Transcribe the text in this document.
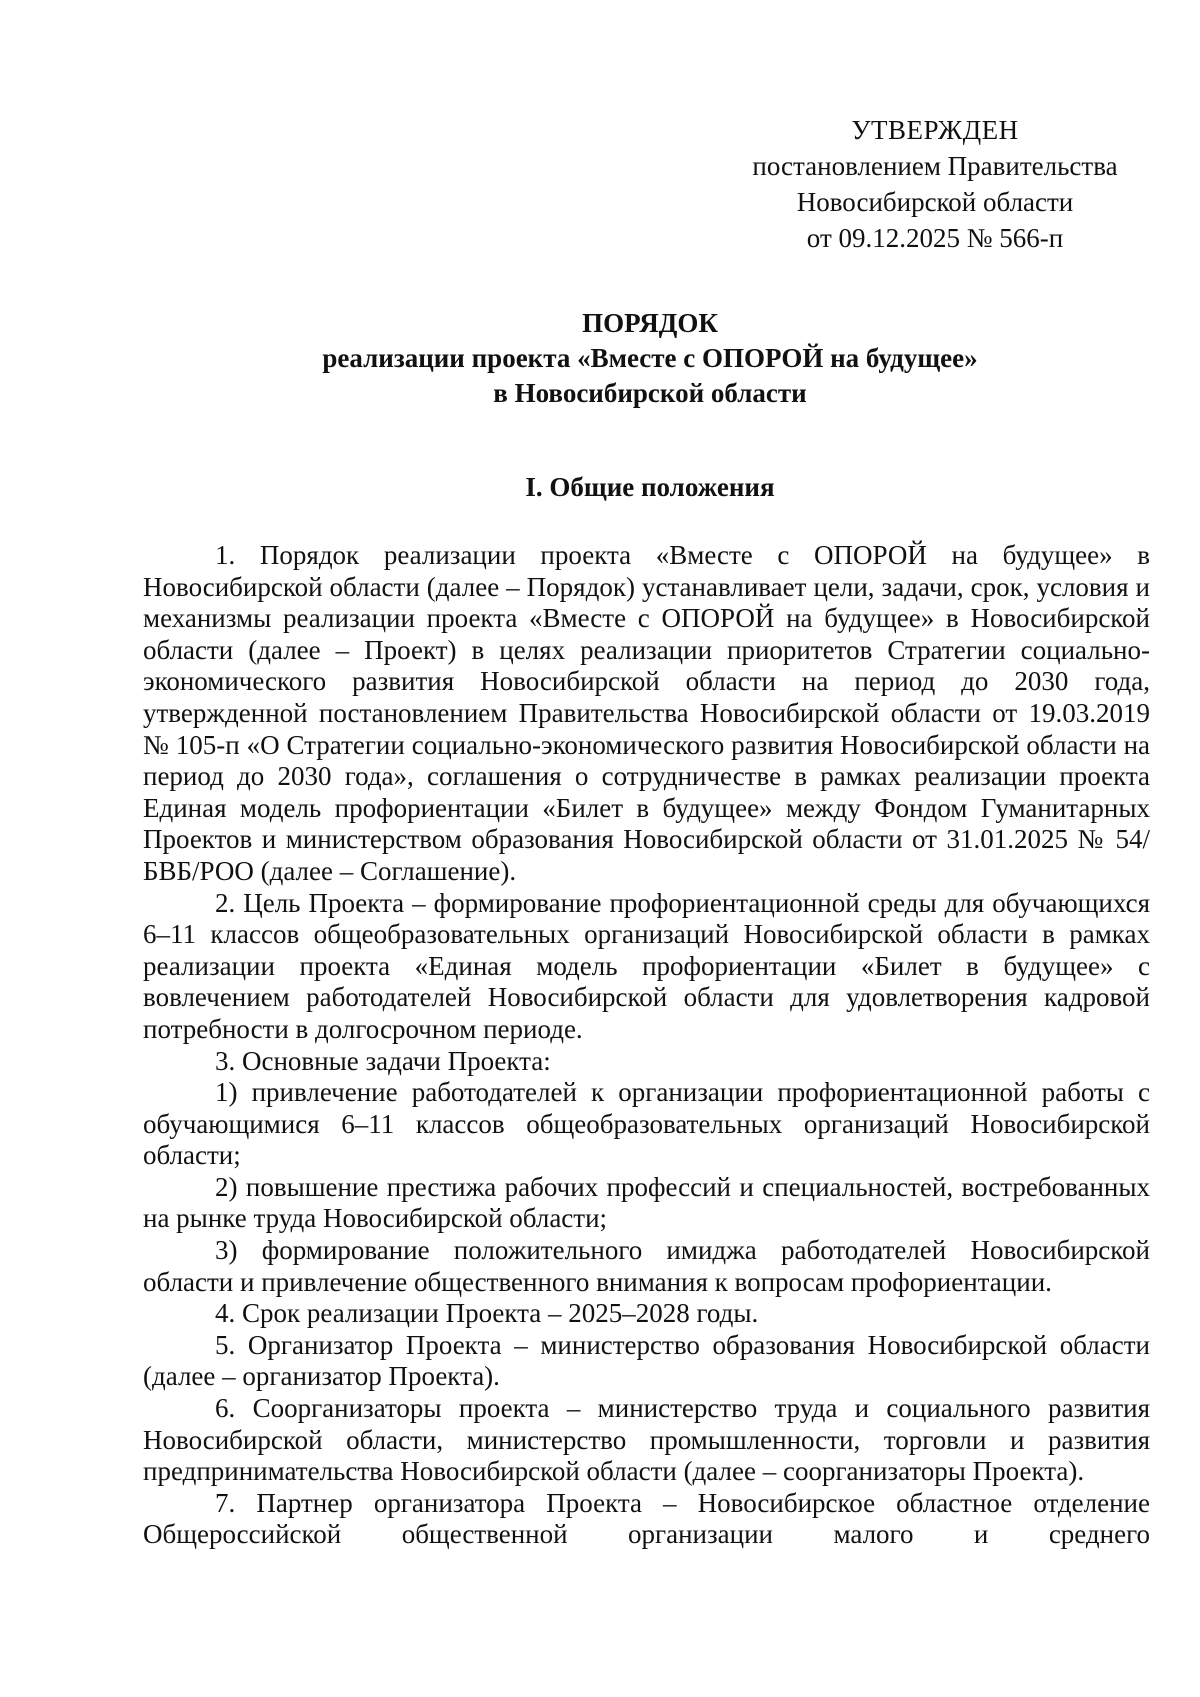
УТВЕРЖДЕН
постановлением Правительства
Новосибирской области
от 09.12.2025 № 566-п
ПОРЯДОК
реализации проекта «Вместе с ОПОРОЙ на будущее»
в Новосибирской области
I. Общие положения

1. Порядок реализации проекта «Вместе с ОПОРОЙ на будущее» в Новосибирской области (далее – Порядок) устанавливает цели, задачи, срок, условия и механизмы реализации проекта «Вместе с ОПОРОЙ на будущее» в Новосибирской области (далее – Проект) в целях реализации приоритетов Стратегии социально-экономического развития Новосибирской области на период до 2030 года, утвержденной постановлением Правительства Новосибирской области от 19.03.2019 № 105-п «О Стратегии социально-экономического развития Новосибирской области на период до 2030 года», соглашения о сотрудничестве в рамках реализации проекта Единая модель профориентации «Билет в будущее» между Фондом Гуманитарных Проектов и министерством образования Новосибирской области от 31.01.2025 № 54/БВБ/РОО (далее – Соглашение).

2. Цель Проекта – формирование профориентационной среды для обучающихся 6–11 классов общеобразовательных организаций Новосибирской области в рамках реализации проекта «Единая модель профориентации «Билет в будущее» с вовлечением работодателей Новосибирской области для удовлетворения кадровой потребности в долгосрочном периоде.

3. Основные задачи Проекта:

1) привлечение работодателей к организации профориентационной работы с обучающимися 6–11 классов общеобразовательных организаций Новосибирской области;

2) повышение престижа рабочих профессий и специальностей, востребованных на рынке труда Новосибирской области;

3) формирование положительного имиджа работодателей Новосибирской области и привлечение общественного внимания к вопросам профориентации.

4. Срок реализации Проекта – 2025–2028 годы.

5. Организатор Проекта – министерство образования Новосибирской области (далее – организатор Проекта).

6. Соорганизаторы проекта – министерство труда и социального развития Новосибирской области, министерство промышленности, торговли и развития предпринимательства Новосибирской области (далее – соорганизаторы Проекта).

7. Партнер организатора Проекта – Новосибирское областное отделение Общероссийской общественной организации малого и среднего
